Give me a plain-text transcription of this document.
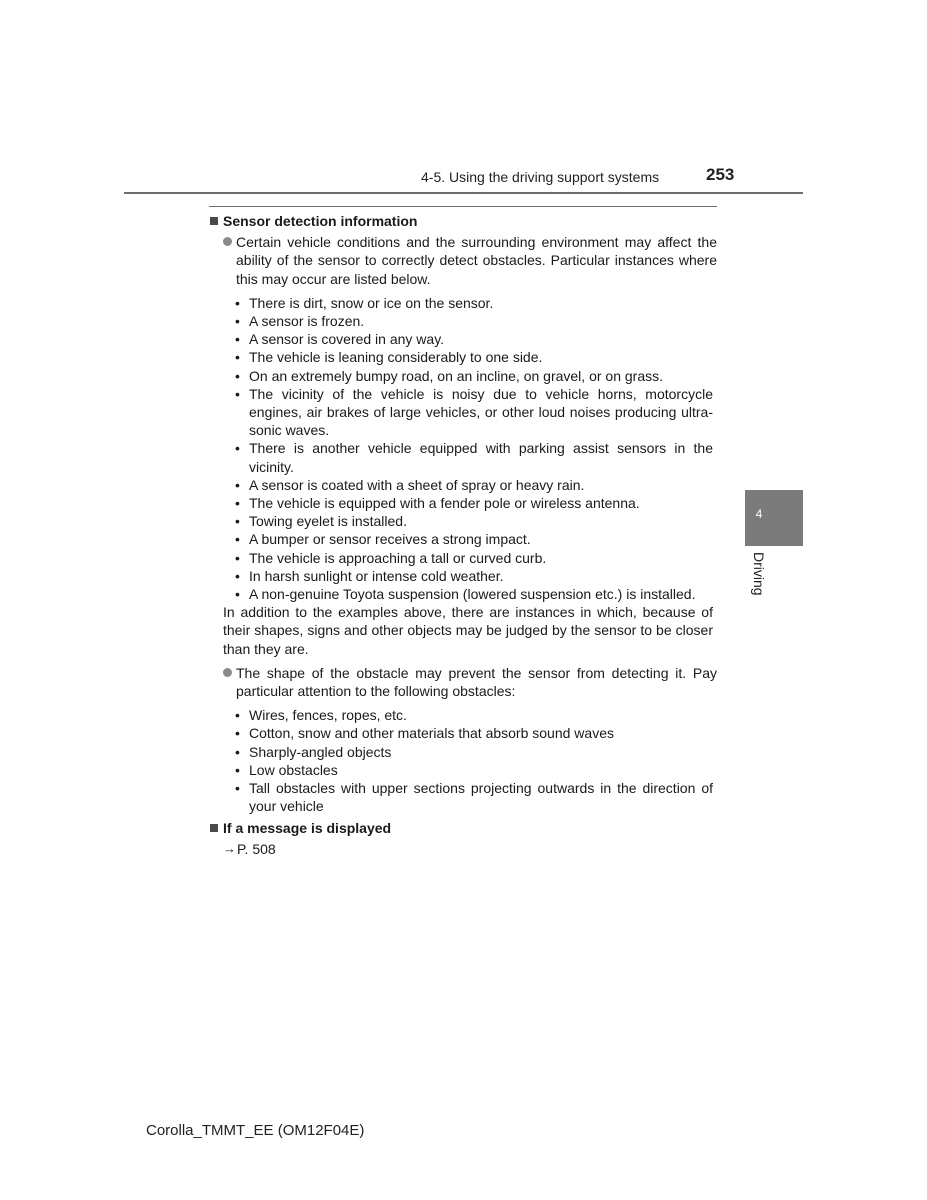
4-5. Using the driving support systems	253
4
Driving

Sensor detection information

Certain vehicle conditions and the surrounding environment may affect the ability of the sensor to correctly detect obstacles. Particular instances where this may occur are listed below.

• There is dirt, snow or ice on the sensor.
• A sensor is frozen.
• A sensor is covered in any way.
• The vehicle is leaning considerably to one side.
• On an extremely bumpy road, on an incline, on gravel, or on grass.
• The vicinity of the vehicle is noisy due to vehicle horns, motorcycle engines, air brakes of large vehicles, or other loud noises producing ultra-sonic waves.
• There is another vehicle equipped with parking assist sensors in the vicinity.
• A sensor is coated with a sheet of spray or heavy rain.
• The vehicle is equipped with a fender pole or wireless antenna.
• Towing eyelet is installed.
• A bumper or sensor receives a strong impact.
• The vehicle is approaching a tall or curved curb.
• In harsh sunlight or intense cold weather.
• A non-genuine Toyota suspension (lowered suspension etc.) is installed.

In addition to the examples above, there are instances in which, because of their shapes, signs and other objects may be judged by the sensor to be closer than they are.

The shape of the obstacle may prevent the sensor from detecting it. Pay particular attention to the following obstacles:

• Wires, fences, ropes, etc.
• Cotton, snow and other materials that absorb sound waves
• Sharply-angled objects
• Low obstacles
• Tall obstacles with upper sections projecting outwards in the direction of your vehicle

If a message is displayed

→ P. 508

Corolla_TMMT_EE (OM12F04E)
